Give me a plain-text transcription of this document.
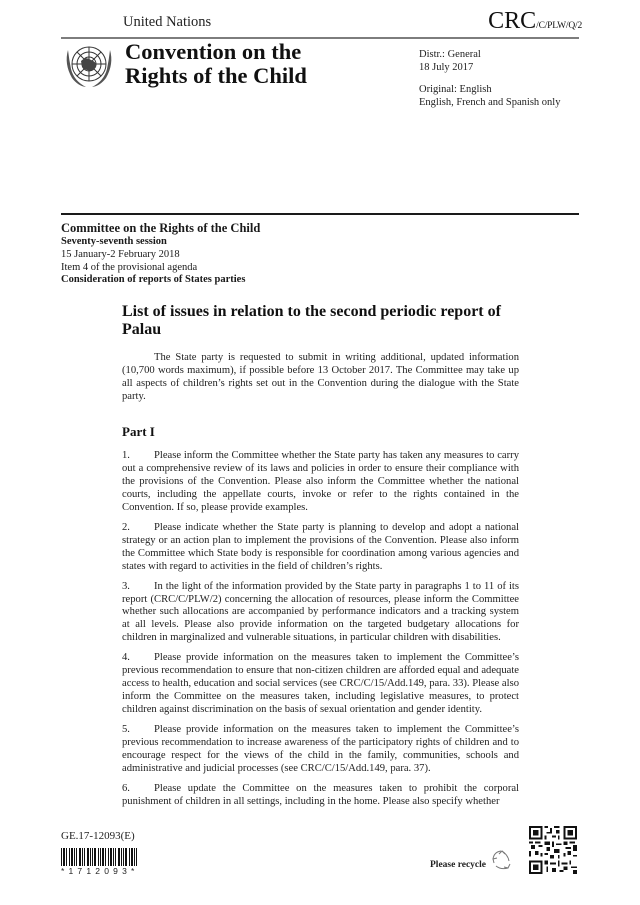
United Nations	CRC/C/PLW/Q/2
Convention on the
Rights of the Child
Distr.: General
18 July 2017
Original: English
English, French and Spanish only
Committee on the Rights of the Child
Seventy-seventh session
15 January-2 February 2018
Item 4 of the provisional agenda
Consideration of reports of States parties
List of issues in relation to the second periodic report of Palau
The State party is requested to submit in writing additional, updated information (10,700 words maximum), if possible before 13 October 2017. The Committee may take up all aspects of children’s rights set out in the Convention during the dialogue with the State party.
Part I

1. Please inform the Committee whether the State party has taken any measures to carry out a comprehensive review of its laws and policies in order to ensure their compliance with the provisions of the Convention. Please also inform the Committee whether the national courts, including the appellate courts, invoke or refer to the rights contained in the Convention. If so, please provide examples.

2. Please indicate whether the State party is planning to develop and adopt a national strategy or an action plan to implement the provisions of the Convention. Please also inform the Committee which State body is responsible for coordination among various agencies and states with regard to activities in the field of children’s rights.

3. In the light of the information provided by the State party in paragraphs 1 to 11 of its report (CRC/C/PLW/2) concerning the allocation of resources, please inform the Committee whether such allocations are accompanied by performance indicators and a tracking system at all levels. Please also provide information on the targeted budgetary allocations for children in marginalized and vulnerable situations, in particular children with disabilities.

4. Please provide information on the measures taken to implement the Committee’s previous recommendation to ensure that non-citizen children are afforded equal and adequate access to health, education and social services (see CRC/C/15/Add.149, para. 33). Please also inform the Committee on the measures taken, including legislative measures, to protect children against discrimination on the basis of sexual orientation and gender identity.

5. Please provide information on the measures taken to implement the Committee’s previous recommendation to increase awareness of the participatory rights of children and to encourage respect for the views of the child in the family, communities, schools and administrative and judicial processes (see CRC/C/15/Add.149, para. 37).

6. Please update the Committee on the measures taken to prohibit the corporal punishment of children in all settings, including in the home. Please also specify whether

GE.17-12093(E)
*1712093*
Please recycle
